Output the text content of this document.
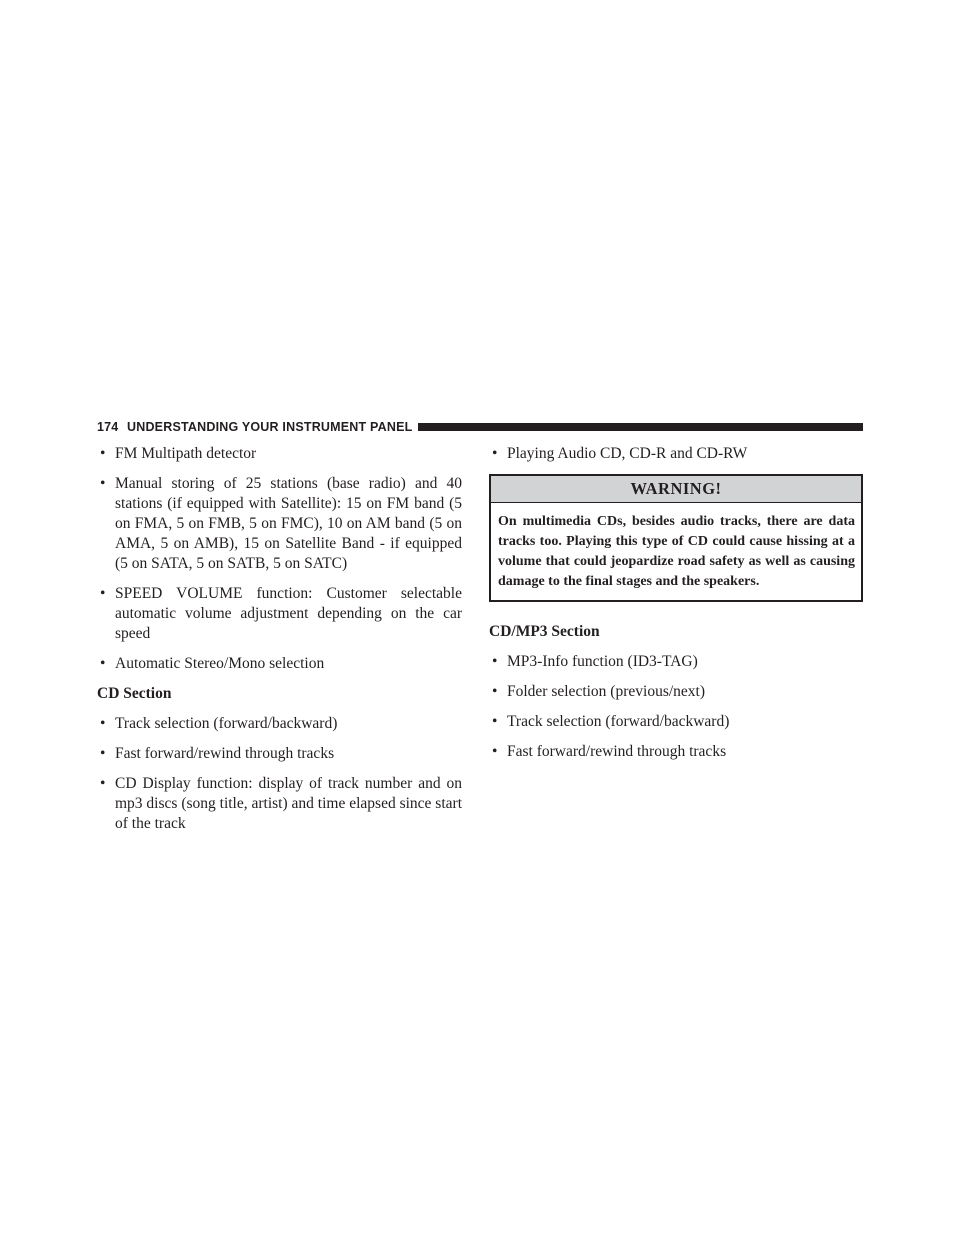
174 UNDERSTANDING YOUR INSTRUMENT PANEL
• FM Multipath detector
• Manual storing of 25 stations (base radio) and 40 stations (if equipped with Satellite): 15 on FM band (5 on FMA, 5 on FMB, 5 on FMC), 10 on AM band (5 on AMA, 5 on AMB), 15 on Satellite Band - if equipped (5 on SATA, 5 on SATB, 5 on SATC)
• SPEED VOLUME function: Customer selectable automatic volume adjustment depending on the car speed
• Automatic Stereo/Mono selection
CD Section
• Track selection (forward/backward)
• Fast forward/rewind through tracks
• CD Display function: display of track number and on mp3 discs (song title, artist) and time elapsed since start of the track
• Playing Audio CD, CD-R and CD-RW
WARNING!
On multimedia CDs, besides audio tracks, there are data tracks too. Playing this type of CD could cause hissing at a volume that could jeopardize road safety as well as causing damage to the final stages and the speakers.
CD/MP3 Section
• MP3-Info function (ID3-TAG)
• Folder selection (previous/next)
• Track selection (forward/backward)
• Fast forward/rewind through tracks
